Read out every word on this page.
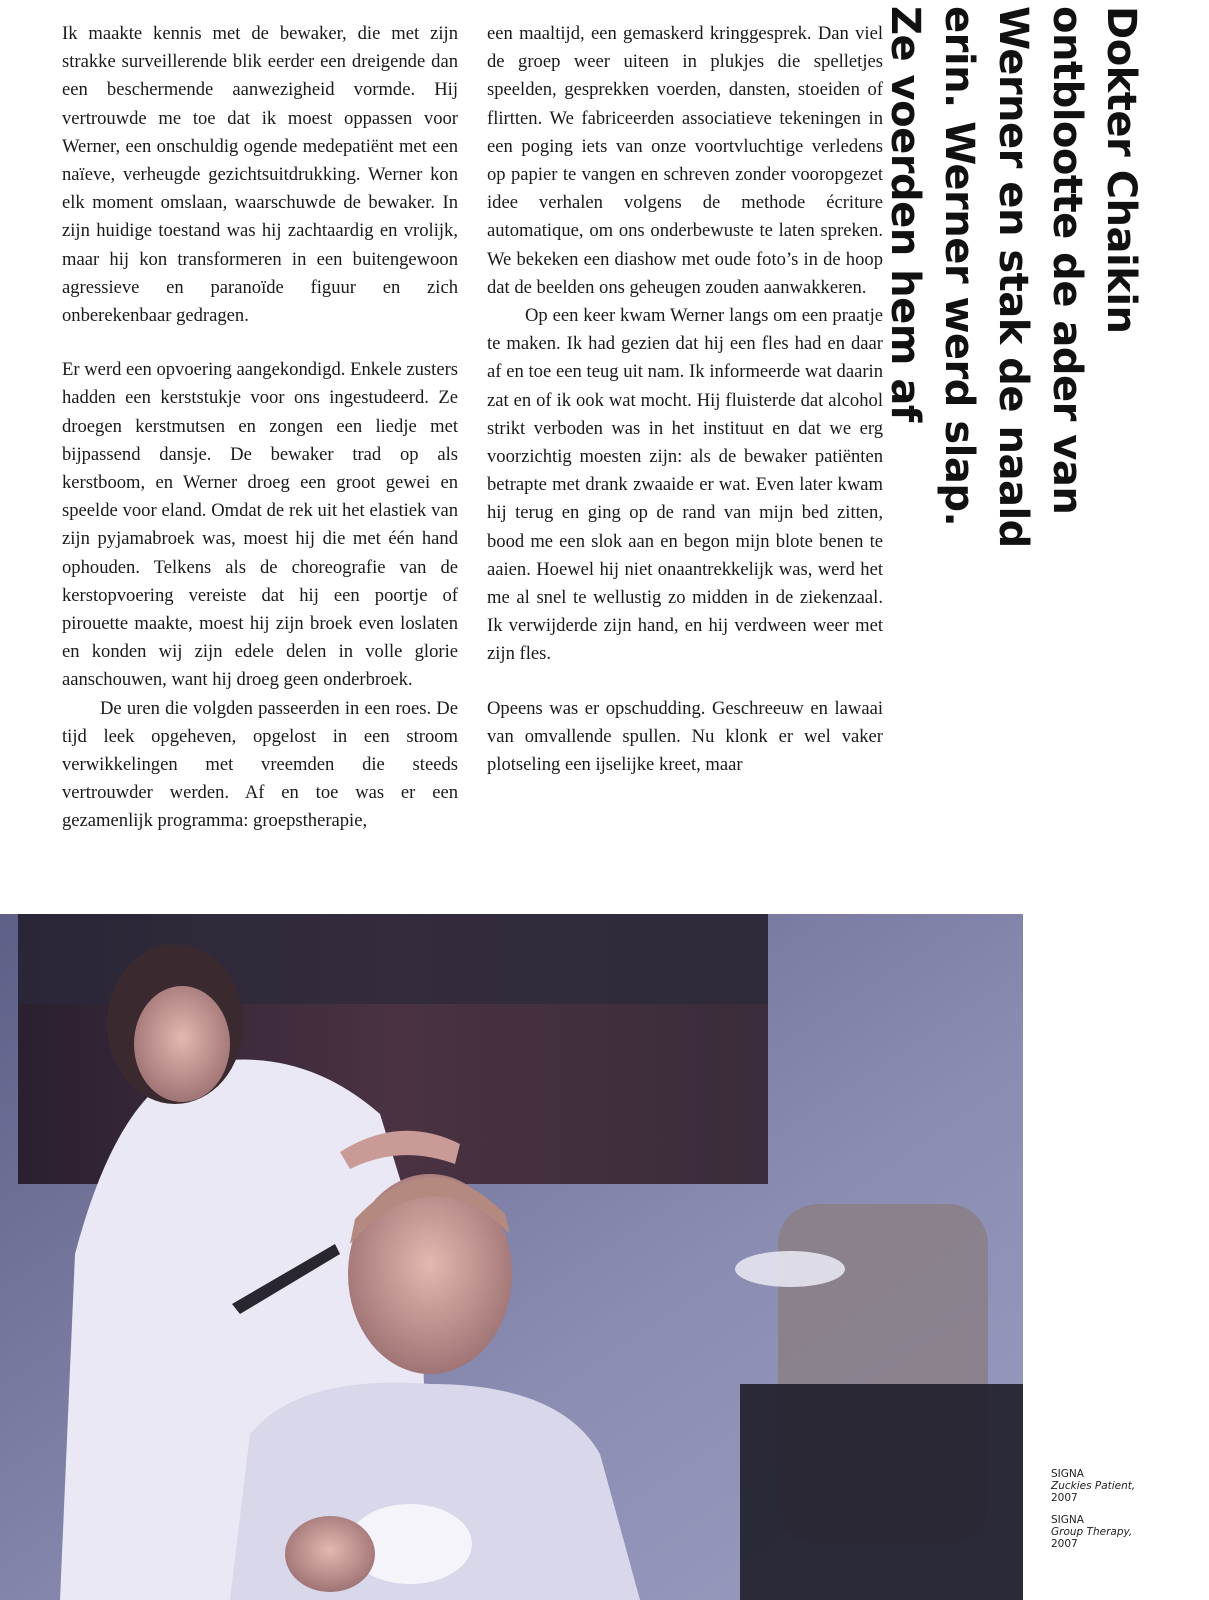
Ik maakte kennis met de bewaker, die met zijn strakke surveillerende blik eerder een dreigende dan een beschermende aanwezigheid vormde. Hij vertrouwde me toe dat ik moest oppassen voor Werner, een onschuldig ogende medepatiënt met een naïeve, verheugde gezichtsuitdrukking. Werner kon elk moment omslaan, waarschuwde de bewaker. In zijn huidige toestand was hij zachtaardig en vrolijk, maar hij kon transformeren in een buitengewoon agressieve en paranoïde figuur en zich onberekenbaar gedragen.

Er werd een opvoering aangekondigd. Enkele zusters hadden een kerststukje voor ons ingestudeerd. Ze droegen kerstmutsen en zongen een liedje met bijpassend dansje. De bewaker trad op als kerstboom, en Werner droeg een groot gewei en speelde voor eland. Omdat de rek uit het elastiek van zijn pyjamabroek was, moest hij die met één hand ophouden. Telkens als de choreografie van de kerstopvoering vereiste dat hij een poortje of pirouette maakte, moest hij zijn broek even loslaten en konden wij zijn edele delen in volle glorie aanschouwen, want hij droeg geen onderbroek.

De uren die volgden passeerden in een roes. De tijd leek opgeheven, opgelost in een stroom verwikkelingen met vreemden die steeds vertrouwder werden. Af en toe was er een gezamenlijk programma: groepstherapie,

een maaltijd, een gemaskerd kringgesprek. Dan viel de groep weer uiteen in plukjes die spelletjes speelden, gesprekken voerden, dansten, stoeiden of flirtten. We fabriceerden associatieve tekeningen in een poging iets van onze voortvluchtige verledens op papier te vangen en schreven zonder vooropgezet idee verhalen volgens de methode écriture automatique, om ons onderbewuste te laten spreken. We bekeken een diashow met oude foto’s in de hoop dat de beelden ons geheugen zouden aanwakkeren.

Op een keer kwam Werner langs om een praatje te maken. Ik had gezien dat hij een fles had en daar af en toe een teug uit nam. Ik informeerde wat daarin zat en of ik ook wat mocht. Hij fluisterde dat alcohol strikt verboden was in het instituut en dat we erg voorzichtig moesten zijn: als de bewaker patiënten betrapte met drank zwaaide er wat. Even later kwam hij terug en ging op de rand van mijn bed zitten, bood me een slok aan en begon mijn blote benen te aaien. Hoewel hij niet onaantrekkelijk was, werd het me al snel te wellustig zo midden in de ziekenzaal. Ik verwijderde zijn hand, en hij verdween weer met zijn fles.

Opeens was er opschudding. Geschreeuw en lawaai van omvallende spullen. Nu klonk er wel vaker plotseling een ijselijke kreet, maar

Dokter Chaikin ontblootte de ader van Werner en stak de naald erin. Werner werd slap. Ze voerden hem af
SIGNA
Zuckies Patient,
2007
SIGNA
Group Therapy,
2007
